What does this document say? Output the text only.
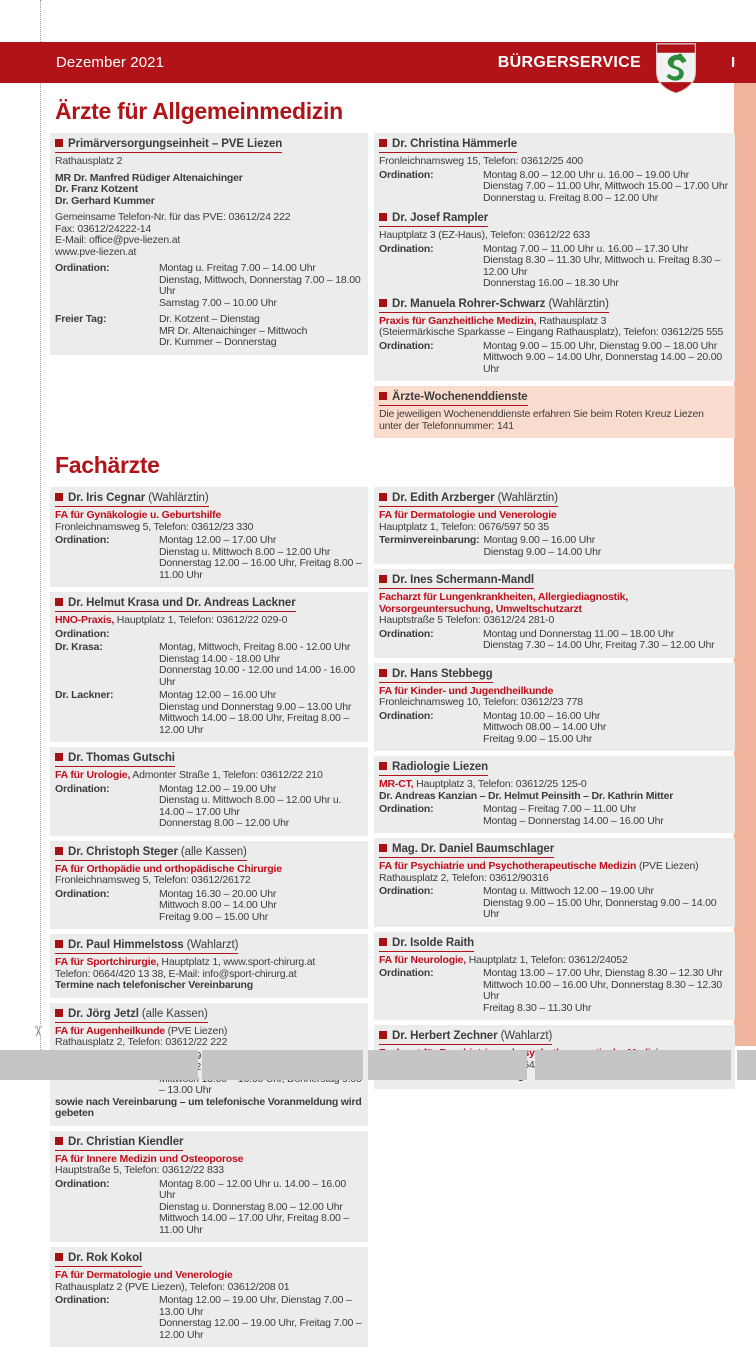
✂
Dezember 2021	BÜRGERSERVICE	I
Ärzte für Allgemeinmedizin
Primärversorgungseinheit – PVE Liezen

Rathausplatz 2

MR Dr. Manfred Rüdiger Altenaichinger

Dr. Franz Kotzent

Dr. Gerhard Kummer

Gemeinsame Telefon-Nr. für das PVE: 03612/24 222

Fax: 03612/24222-14

E-Mail: office@pve-liezen.at

www.pve-liezen.at

Ordination:	Montag u. Freitag 7.00 – 14.00 Uhr
Dienstag, Mittwoch, Donnerstag 7.00 – 18.00 Uhr
Samstag 7.00 – 10.00 Uhr
Freier Tag:	Dr. Kotzent – Dienstag
MR Dr. Altenaichinger – Mittwoch
Dr. Kummer – Donnerstag
Dr. Christina Hämmerle

Fronleichnamsweg 15, Telefon: 03612/25 400

Ordination:	Montag 8.00 – 12.00 Uhr u. 16.00 – 19.00 Uhr
Dienstag 7.00 – 11.00 Uhr, Mittwoch 15.00 – 17.00 Uhr
Donnerstag u. Freitag 8.00 – 12.00 Uhr
Dr. Josef Rampler

Hauptplatz 3 (EZ-Haus), Telefon: 03612/22 633

Ordination:	Montag 7.00 – 11.00 Uhr u. 16.00 – 17.30 Uhr
Dienstag 8.30 – 11.30 Uhr, Mittwoch u. Freitag 8.30 – 12.00 Uhr
Donnerstag 16.00 – 18.30 Uhr
Dr. Manuela Rohrer-Schwarz (Wahlärztin)

Praxis für Ganzheitliche Medizin, Rathausplatz 3

(Steiermärkische Sparkasse – Eingang Rathausplatz), Telefon: 03612/25 555

Ordination:	Montag 9.00 – 15.00 Uhr, Dienstag 9.00 – 18.00 Uhr
Mittwoch 9.00 – 14.00 Uhr, Donnerstag 14.00 – 20.00 Uhr
Ärzte-Wochenenddienste

Die jeweiligen Wochenenddienste erfahren Sie beim Roten Kreuz Liezen unter der Telefonnummer: 141

Fachärzte
Dr. Iris Cegnar (Wahlärztin)

FA für Gynäkologie u. Geburtshilfe

Fronleichnamsweg 5, Telefon: 03612/23 330

Ordination:	Montag 12.00 – 17.00 Uhr
Dienstag u. Mittwoch 8.00 – 12.00 Uhr
Donnerstag 12.00 – 16.00 Uhr, Freitag 8.00 – 11.00 Uhr
Dr. Helmut Krasa und Dr. Andreas Lackner

HNO-Praxis, Hauptplatz 1, Telefon: 03612/22 029-0

Ordination:
Dr. Krasa:	Montag, Mittwoch, Freitag 8.00 - 12.00 Uhr
Dienstag 14.00 - 18.00 Uhr
Donnerstag 10.00 - 12.00 und 14.00 - 16.00 Uhr
Dr. Lackner:	Montag 12.00 – 16.00 Uhr
Dienstag und Donnerstag 9.00 – 13.00 Uhr
Mittwoch 14.00 – 18.00 Uhr, Freitag 8.00 – 12.00 Uhr
Dr. Thomas Gutschi

FA für Urologie, Admonter Straße 1, Telefon: 03612/22 210

Ordination:	Montag 12.00 – 19.00 Uhr
Dienstag u. Mittwoch 8.00 – 12.00 Uhr u. 14.00 – 17.00 Uhr
Donnerstag 8.00 – 12.00 Uhr
Dr. Christoph Steger (alle Kassen)

FA für Orthopädie und orthopädische Chirurgie

Fronleichnamsweg 5, Telefon: 03612/26172

Ordination:	Montag 16.30 – 20.00 Uhr
Mittwoch 8.00 – 14.00 Uhr
Freitag 9.00 – 15.00 Uhr
Dr. Paul Himmelstoss (Wahlarzt)

FA für Sportchirurgie, Hauptplatz 1, www.sport-chirurg.at

Telefon: 0664/420 13 38, E-Mail: info@sport-chirurg.at

Termine nach telefonischer Vereinbarung

Dr. Jörg Jetzl (alle Kassen)

FA für Augenheilkunde (PVE Liezen)

Rathausplatz 2, Telefon: 03612/22 222

– 13.00 Uhr

sowie nach Vereinbarung – um telefonische Voranmeldung wird gebeten

Dr. Christian Kiendler

FA für Innere Medizin und Osteoporose

Hauptstraße 5, Telefon: 03612/22 833

Ordination:	Montag 8.00 – 12.00 Uhr u. 14.00 – 16.00 Uhr
Dienstag u. Donnerstag 8.00 – 12.00 Uhr
Mittwoch 14.00 – 17.00 Uhr, Freitag 8.00 – 11.00 Uhr
Dr. Rok Kokol

FA für Dermatologie und Venerologie

Rathausplatz 2 (PVE Liezen), Telefon: 03612/208 01

Ordination:	Montag 12.00 – 19.00 Uhr, Dienstag 7.00 – 13.00 Uhr
Donnerstag 12.00 – 19.00 Uhr, Freitag 7.00 – 12.00 Uhr
Dr. Edith Arzberger (Wahlärztin)

FA für Dermatologie und Venerologie

Hauptplatz 1, Telefon: 0676/597 50 35

Terminvereinbarung: Montag 9.00 – 16.00 Uhr
Dienstag 9.00 – 14.00 Uhr
Dr. Ines Schermann-Mandl

Facharzt für Lungenkrankheiten, Allergiediagnostik, Vorsorgeuntersuchung, Umweltschutzarzt

Hauptstraße 5 Telefon: 03612/24 281-0

Ordination:	Montag und Donnerstag 11.00 – 18.00 Uhr
Dienstag 7.30 – 14.00 Uhr, Freitag 7.30 – 12.00 Uhr
Dr. Hans Stebbegg

FA für Kinder- und Jugendheilkunde

Fronleichnamsweg 10, Telefon: 03612/23 778

Ordination:	Montag 10.00 – 16.00 Uhr
Mittwoch 08.00 – 14.00 Uhr
Freitag 9.00 – 15.00 Uhr
Radiologie Liezen

MR-CT, Hauptplatz 3, Telefon: 03612/25 125-0

Dr. Andreas Kanzian – Dr. Helmut Peinsith – Dr. Kathrin Mitter

Ordination:	Montag – Freitag 7.00 – 11.00 Uhr
Montag – Donnerstag 14.00 – 16.00 Uhr
Mag. Dr. Daniel Baumschlager

FA für Psychiatrie und Psychotherapeutische Medizin (PVE Liezen)

Rathausplatz 2, Telefon: 03612/90316

Ordination:	Montag u. Mittwoch 12.00 – 19.00 Uhr
Dienstag 9.00 – 15.00 Uhr, Donnerstag 9.00 – 14.00 Uhr
Dr. Isolde Raith

FA für Neurologie, Hauptplatz 1, Telefon: 03612/24052

Ordination:	Montag 13.00 – 17.00 Uhr, Dienstag 8.30 – 12.30 Uhr
Mittwoch 10.00 – 16.00 Uhr, Donnerstag 8.30 – 12.30 Uhr
Freitag 8.30 – 11.30 Uhr
Dr. Herbert Zechner (Wahlarzt)

0664/351
